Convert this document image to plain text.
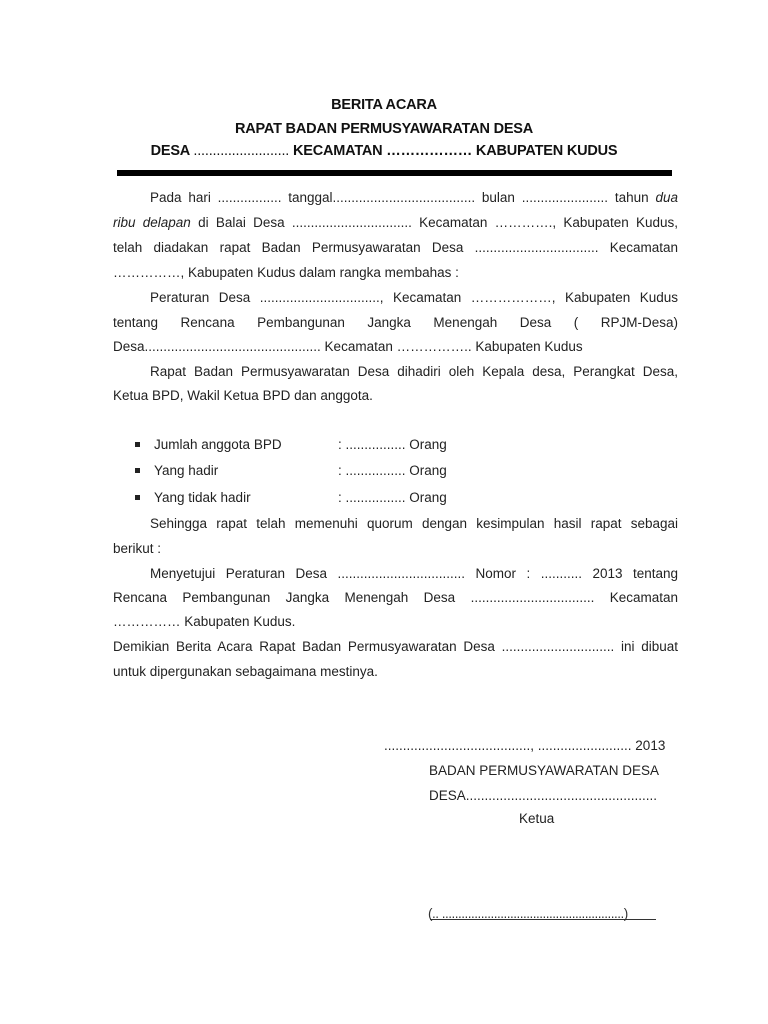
BERITA ACARA
RAPAT BADAN PERMUSYAWARATAN DESA
DESA ......................... KECAMATAN ……………… KABUPATEN KUDUS
Pada hari ................. tanggal...................................... bulan ....................... tahun dua
ribu delapan di Balai Desa ................................ Kecamatan …………., Kabupaten Kudus,
telah diadakan rapat Badan Permusyawaratan Desa ................................. Kecamatan
……………, Kabupaten Kudus dalam rangka membahas :
Peraturan Desa ................................, Kecamatan ………………, Kabupaten Kudus
tentang Rencana Pembangunan Jangka Menengah Desa ( RPJM-Desa)
Desa............................................... Kecamatan …………….. Kabupaten Kudus
Rapat Badan Permusyawaratan Desa dihadiri oleh Kepala desa, Perangkat Desa,
Ketua BPD, Wakil Ketua BPD dan anggota.
Jumlah anggota BPD	: ................ Orang
Yang hadir	: ................ Orang
Yang tidak hadir	: ................ Orang
Sehingga rapat telah memenuhi quorum dengan kesimpulan hasil rapat sebagai
berikut :
Menyetujui Peraturan Desa .................................. Nomor : ........... 2013 tentang
Rencana Pembangunan Jangka Menengah Desa ................................. Kecamatan
…………… Kabupaten Kudus.
Demikian Berita Acara Rapat Badan Permusyawaratan Desa .............................. ini dibuat
untuk dipergunakan sebagaimana mestinya.
......................................., ......................... 2013
BADAN PERMUSYAWARATAN DESA
DESA...................................................
Ketua
(.. ........................................................)
